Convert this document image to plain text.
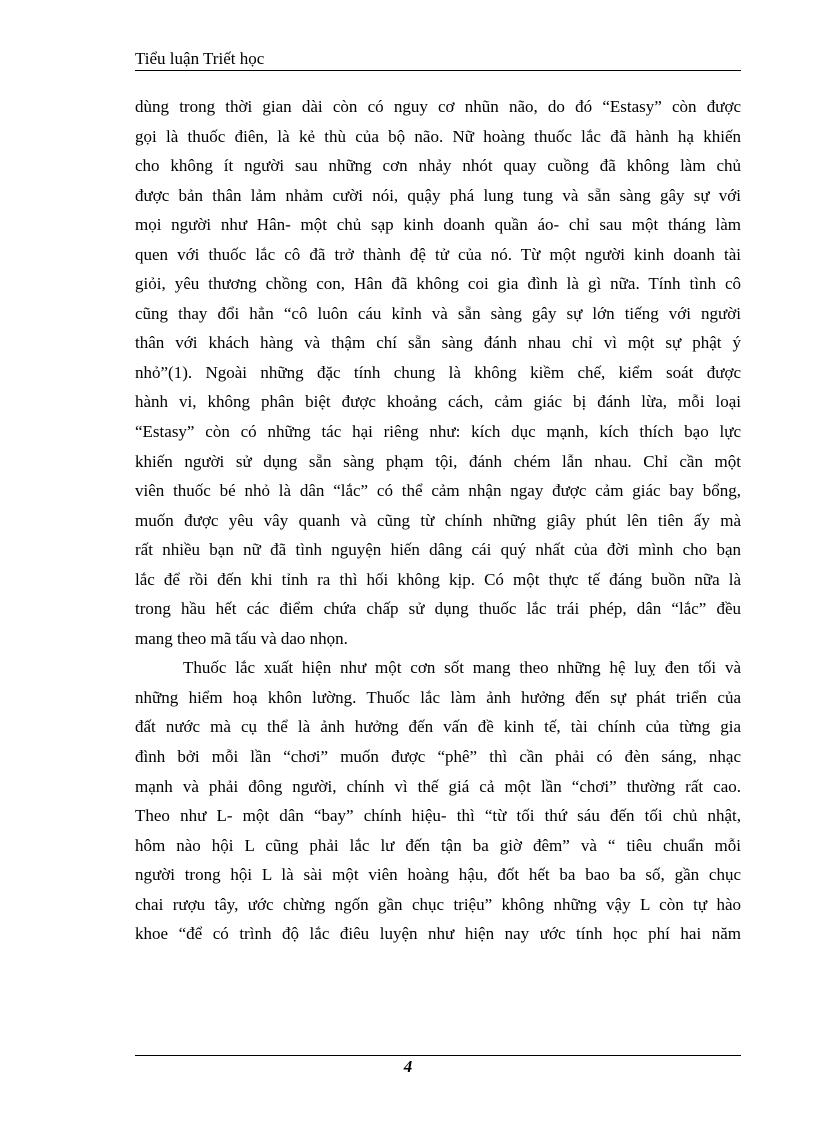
Tiểu luận Triết học
dùng trong thời gian dài còn có nguy cơ nhũn não, do đó “Estasy” còn được
gọi là thuốc điên, là kẻ thù của bộ não. Nữ hoàng thuốc lắc đã hành hạ khiến
cho không ít người sau những cơn nhảy nhót quay cuồng đã không làm chủ
được bản thân lảm nhảm cười nói, quậy phá lung tung và sẵn sàng gây sự với
mọi người như Hân- một chủ sạp kinh doanh quần áo- chỉ sau một tháng làm
quen với thuốc lắc cô đã trở thành đệ tử của nó. Từ một người kinh doanh tài
giỏi, yêu thương chồng con, Hân đã không coi gia đình là gì nữa. Tính tình cô
cũng thay đổi hẳn “cô luôn cáu kỉnh và sẵn sàng gây sự lớn tiếng với người
thân với khách hàng và thậm chí sẵn sàng đánh nhau chỉ vì một sự phật ý
nhỏ”(1). Ngoài những đặc tính chung là không kiềm chế, kiểm soát được
hành vi, không phân biệt được khoảng cách, cảm giác bị đánh lừa, mỗi loại
“Estasy” còn có những tác hại riêng như: kích dục mạnh, kích thích bạo lực
khiến người sử dụng sẵn sàng phạm tội, đánh chém lẫn nhau. Chỉ cần một
viên thuốc bé nhỏ là dân “lắc” có thể cảm nhận ngay được cảm giác bay bổng,
muốn được yêu vây quanh và cũng từ chính những giây phút lên tiên ấy mà
rất nhiều bạn nữ đã tình nguyện hiến dâng cái quý nhất của đời mình cho bạn
lắc để rồi đến khi tỉnh ra thì hối không kịp. Có một thực tế đáng buồn nữa là
trong hầu hết các điểm chứa chấp sử dụng thuốc lắc trái phép, dân “lắc” đều
mang theo mã tấu và dao nhọn.
Thuốc lắc xuất hiện như một cơn sốt mang theo những hệ luỵ đen tối và
những hiểm hoạ khôn lường. Thuốc lắc làm ảnh hưởng đến sự phát triển của
đất nước mà cụ thể là ảnh hưởng đến vấn đề kinh tế, tài chính của từng gia
đình bởi mỗi lần “chơi” muốn được “phê” thì cần phải có đèn sáng, nhạc
mạnh và phải đông người, chính vì thế giá cả một lần “chơi” thường rất cao.
Theo như L- một dân “bay” chính hiệu- thì “từ tối thứ sáu đến tối chủ nhật,
hôm nào hội L cũng phải lắc lư đến tận ba giờ đêm” và “ tiêu chuẩn mỗi
người trong hội L là sài một viên hoàng hậu, đốt hết ba bao ba số, gần chục
chai rượu tây, ước chừng ngốn gần chục triệu” không những vậy L còn tự hào
khoe “để có trình độ lắc điêu luyện như hiện nay ước tính học phí hai năm
4
